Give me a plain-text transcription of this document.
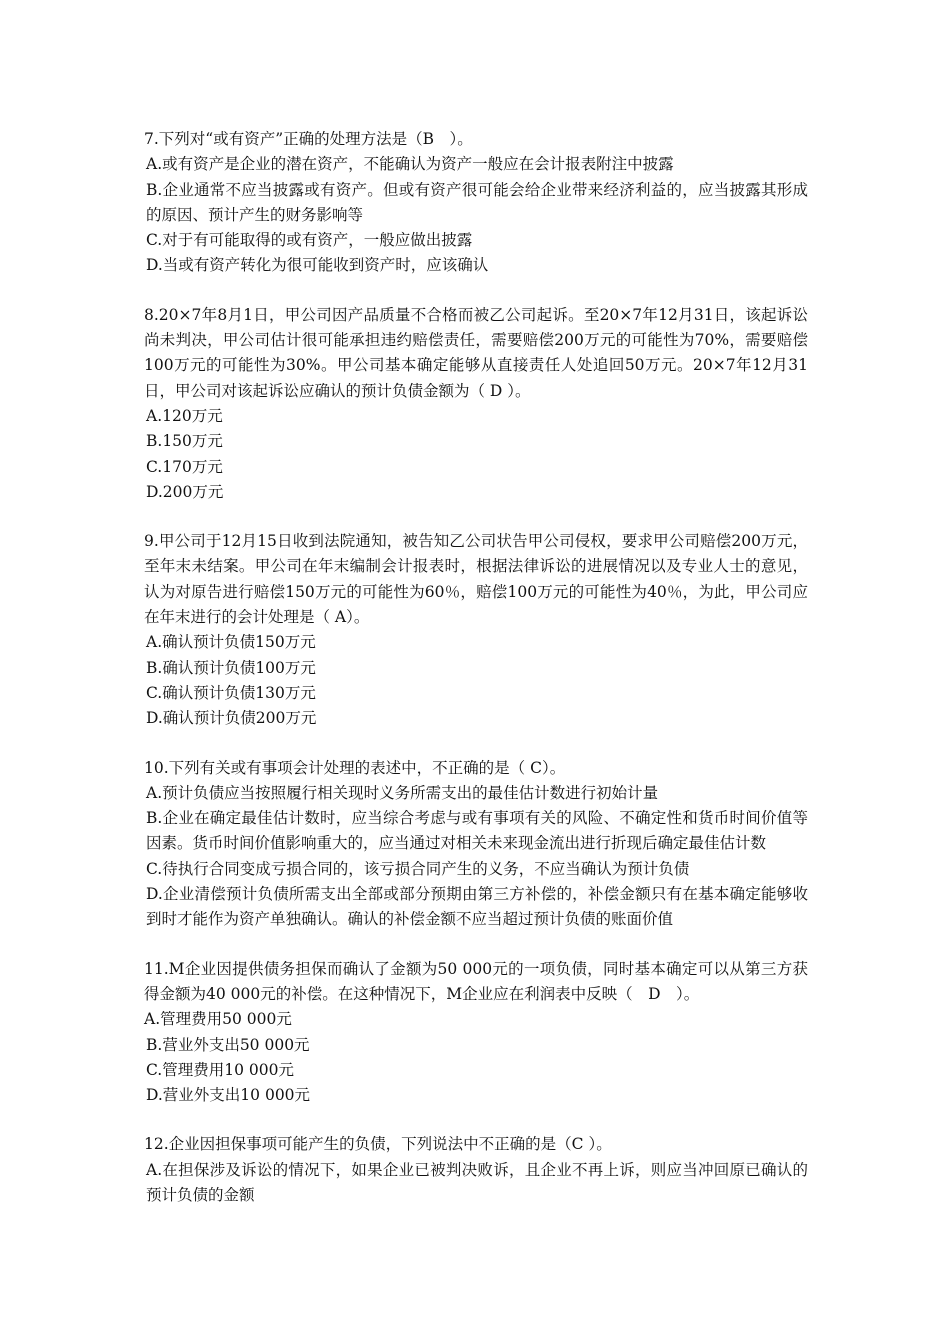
7.下列对“或有资产”正确的处理方法是（B　）。
A.或有资产是企业的潜在资产，不能确认为资产一般应在会计报表附注中披露
B.企业通常不应当披露或有资产。但或有资产很可能会给企业带来经济利益的，应当披露其形成的原因、预计产生的财务影响等
C.对于有可能取得的或有资产，一般应做出披露
D.当或有资产转化为很可能收到资产时，应该确认
8.20×7年8月1日，甲公司因产品质量不合格而被乙公司起诉。至20×7年12月31日，该起诉讼尚未判决，甲公司估计很可能承担违约赔偿责任，需要赔偿200万元的可能性为70%，需要赔偿100万元的可能性为30%。甲公司基本确定能够从直接责任人处追回50万元。20×7年12月31日，甲公司对该起诉讼应确认的预计负债金额为（ D ）。
A.120万元
B.150万元
C.170万元
D.200万元
9.甲公司于12月15日收到法院通知，被告知乙公司状告甲公司侵权，要求甲公司赔偿200万元，至年末未结案。甲公司在年末编制会计报表时，根据法律诉讼的进展情况以及专业人士的意见，认为对原告进行赔偿150万元的可能性为60％，赔偿100万元的可能性为40％，为此，甲公司应在年末进行的会计处理是（ A）。
A.确认预计负债150万元
B.确认预计负债100万元
C.确认预计负债130万元
D.确认预计负债200万元
10.下列有关或有事项会计处理的表述中，不正确的是（ C）。
A.预计负债应当按照履行相关现时义务所需支出的最佳估计数进行初始计量
B.企业在确定最佳估计数时，应当综合考虑与或有事项有关的风险、不确定性和货币时间价值等因素。货币时间价值影响重大的，应当通过对相关未来现金流出进行折现后确定最佳估计数
C.待执行合同变成亏损合同的，该亏损合同产生的义务，不应当确认为预计负债
D.企业清偿预计负债所需支出全部或部分预期由第三方补偿的，补偿金额只有在基本确定能够收到时才能作为资产单独确认。确认的补偿金额不应当超过预计负债的账面价值
11.M企业因提供债务担保而确认了金额为50 000元的一项负债，同时基本确定可以从第三方获得金额为40 000元的补偿。在这种情况下，M企业应在利润表中反映（　D　）。
A.管理费用50 000元
B.营业外支出50 000元
C.管理费用10 000元
D.营业外支出10 000元
12.企业因担保事项可能产生的负债，下列说法中不正确的是（C ）。
A.在担保涉及诉讼的情况下，如果企业已被判决败诉，且企业不再上诉，则应当冲回原已确认的预计负债的金额
